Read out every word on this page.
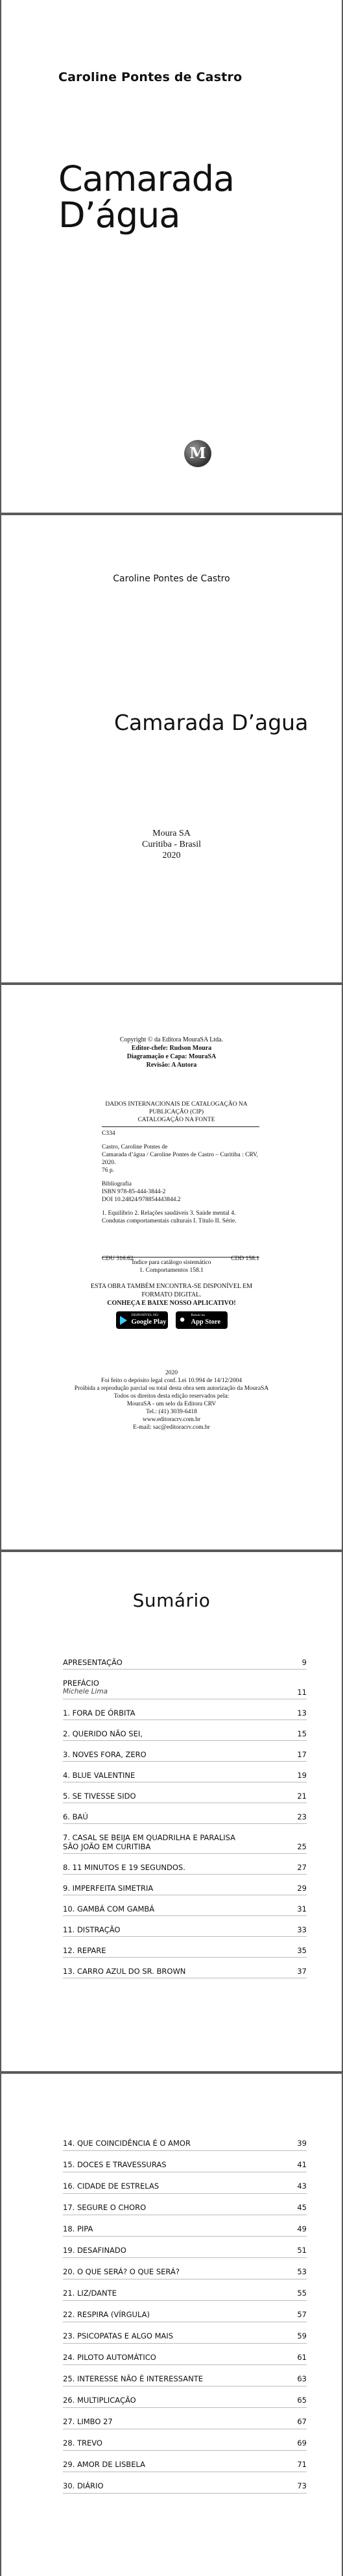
Caroline Pontes de Castro
Camarada
D’água
M
Caroline Pontes de Castro
Camarada D’agua
Moura SA
Curitiba - Brasil
2020
Copyright © da Editora MouraSA Ltda.
Editor-chefe: Rudson Moura
Diagramação e Capa: MouraSA
Revisão: A Autora
DADOS INTERNACIONAIS DE CATALOGAÇÃO NA PUBLICAÇÃO (CIP)
CATALOGAÇÃO NA FONTE

C334

Castro, Caroline Pontes de

Camarada d’água / Caroline Pontes de Castro – Curitiba : CRV, 2020.

76 p.

Bibliografia

ISBN 978-85-444-3844-2

DOI 10.24824/978854443844.2

1. Equilíbrio 2. Relações saudáveis 3. Saúde mental 4. Condutas comportamentais culturais I. Título II. Série.

CDU 316.62	CDD 158.1
Índice para catálogo sistemático
1. Comportamentos 158.1
ESTA OBRA TAMBÉM ENCONTRA-SE DISPONÍVEL EM
FORMATO DIGITAL.
CONHEÇA E BAIXE NOSSO APLICATIVO!
DISPONÍVEL NO
Google Play
● Baixar na
App Store
2020
Foi feito o depósito legal conf. Lei 10.994 de 14/12/2004
Proibida a reprodução parcial ou total desta obra sem autorização da MouraSA
Todos os direitos desta edição reservados pela:
MouraSA - um selo da Editora CRV
Tel.: (41) 3039-6418
www.editoracrv.com.br
E-mail: sac@editoracrv.com.br
Sumário
APRESENTAÇÃO	9
PREFÁCIO
Michele Lima	11
1. FORA DE ÓRBITA	13
2. QUERIDO NÃO SEI,	15
3. NOVES FORA, ZERO	17
4. BLUE VALENTINE	19
5. SE TIVESSE SIDO	21
6. BAÚ	23
7. CASAL SE BEIJA EM QUADRILHA E PARALISA
SÃO JOÃO EM CURITIBA	25
8. 11 MINUTOS E 19 SEGUNDOS.	27
9. IMPERFEITA SIMETRIA	29
10. GAMBÁ COM GAMBÁ	31
11. DISTRAÇÃO	33
12. REPARE	35
13. CARRO AZUL DO SR. BROWN	37
14. QUE COINCIDÊNCIA É O AMOR	39
15. DOCES E TRAVESSURAS	41
16. CIDADE DE ESTRELAS	43
17. SEGURE O CHORO	45
18. PIPA	49
19. DESAFINADO	51
20. O QUE SERÁ? O QUE SERÁ?	53
21. LIZ/DANTE	55
22. RESPIRA (VÍRGULA)	57
23. PSICOPATAS E ALGO MAIS	59
24. PILOTO AUTOMÁTICO	61
25. INTERESSE NÃO É INTERESSANTE	63
26. MULTIPLICAÇÃO	65
27. LIMBO 27	67
28. TREVO	69
29. AMOR DE LISBELA	71
30. DIÁRIO	73
